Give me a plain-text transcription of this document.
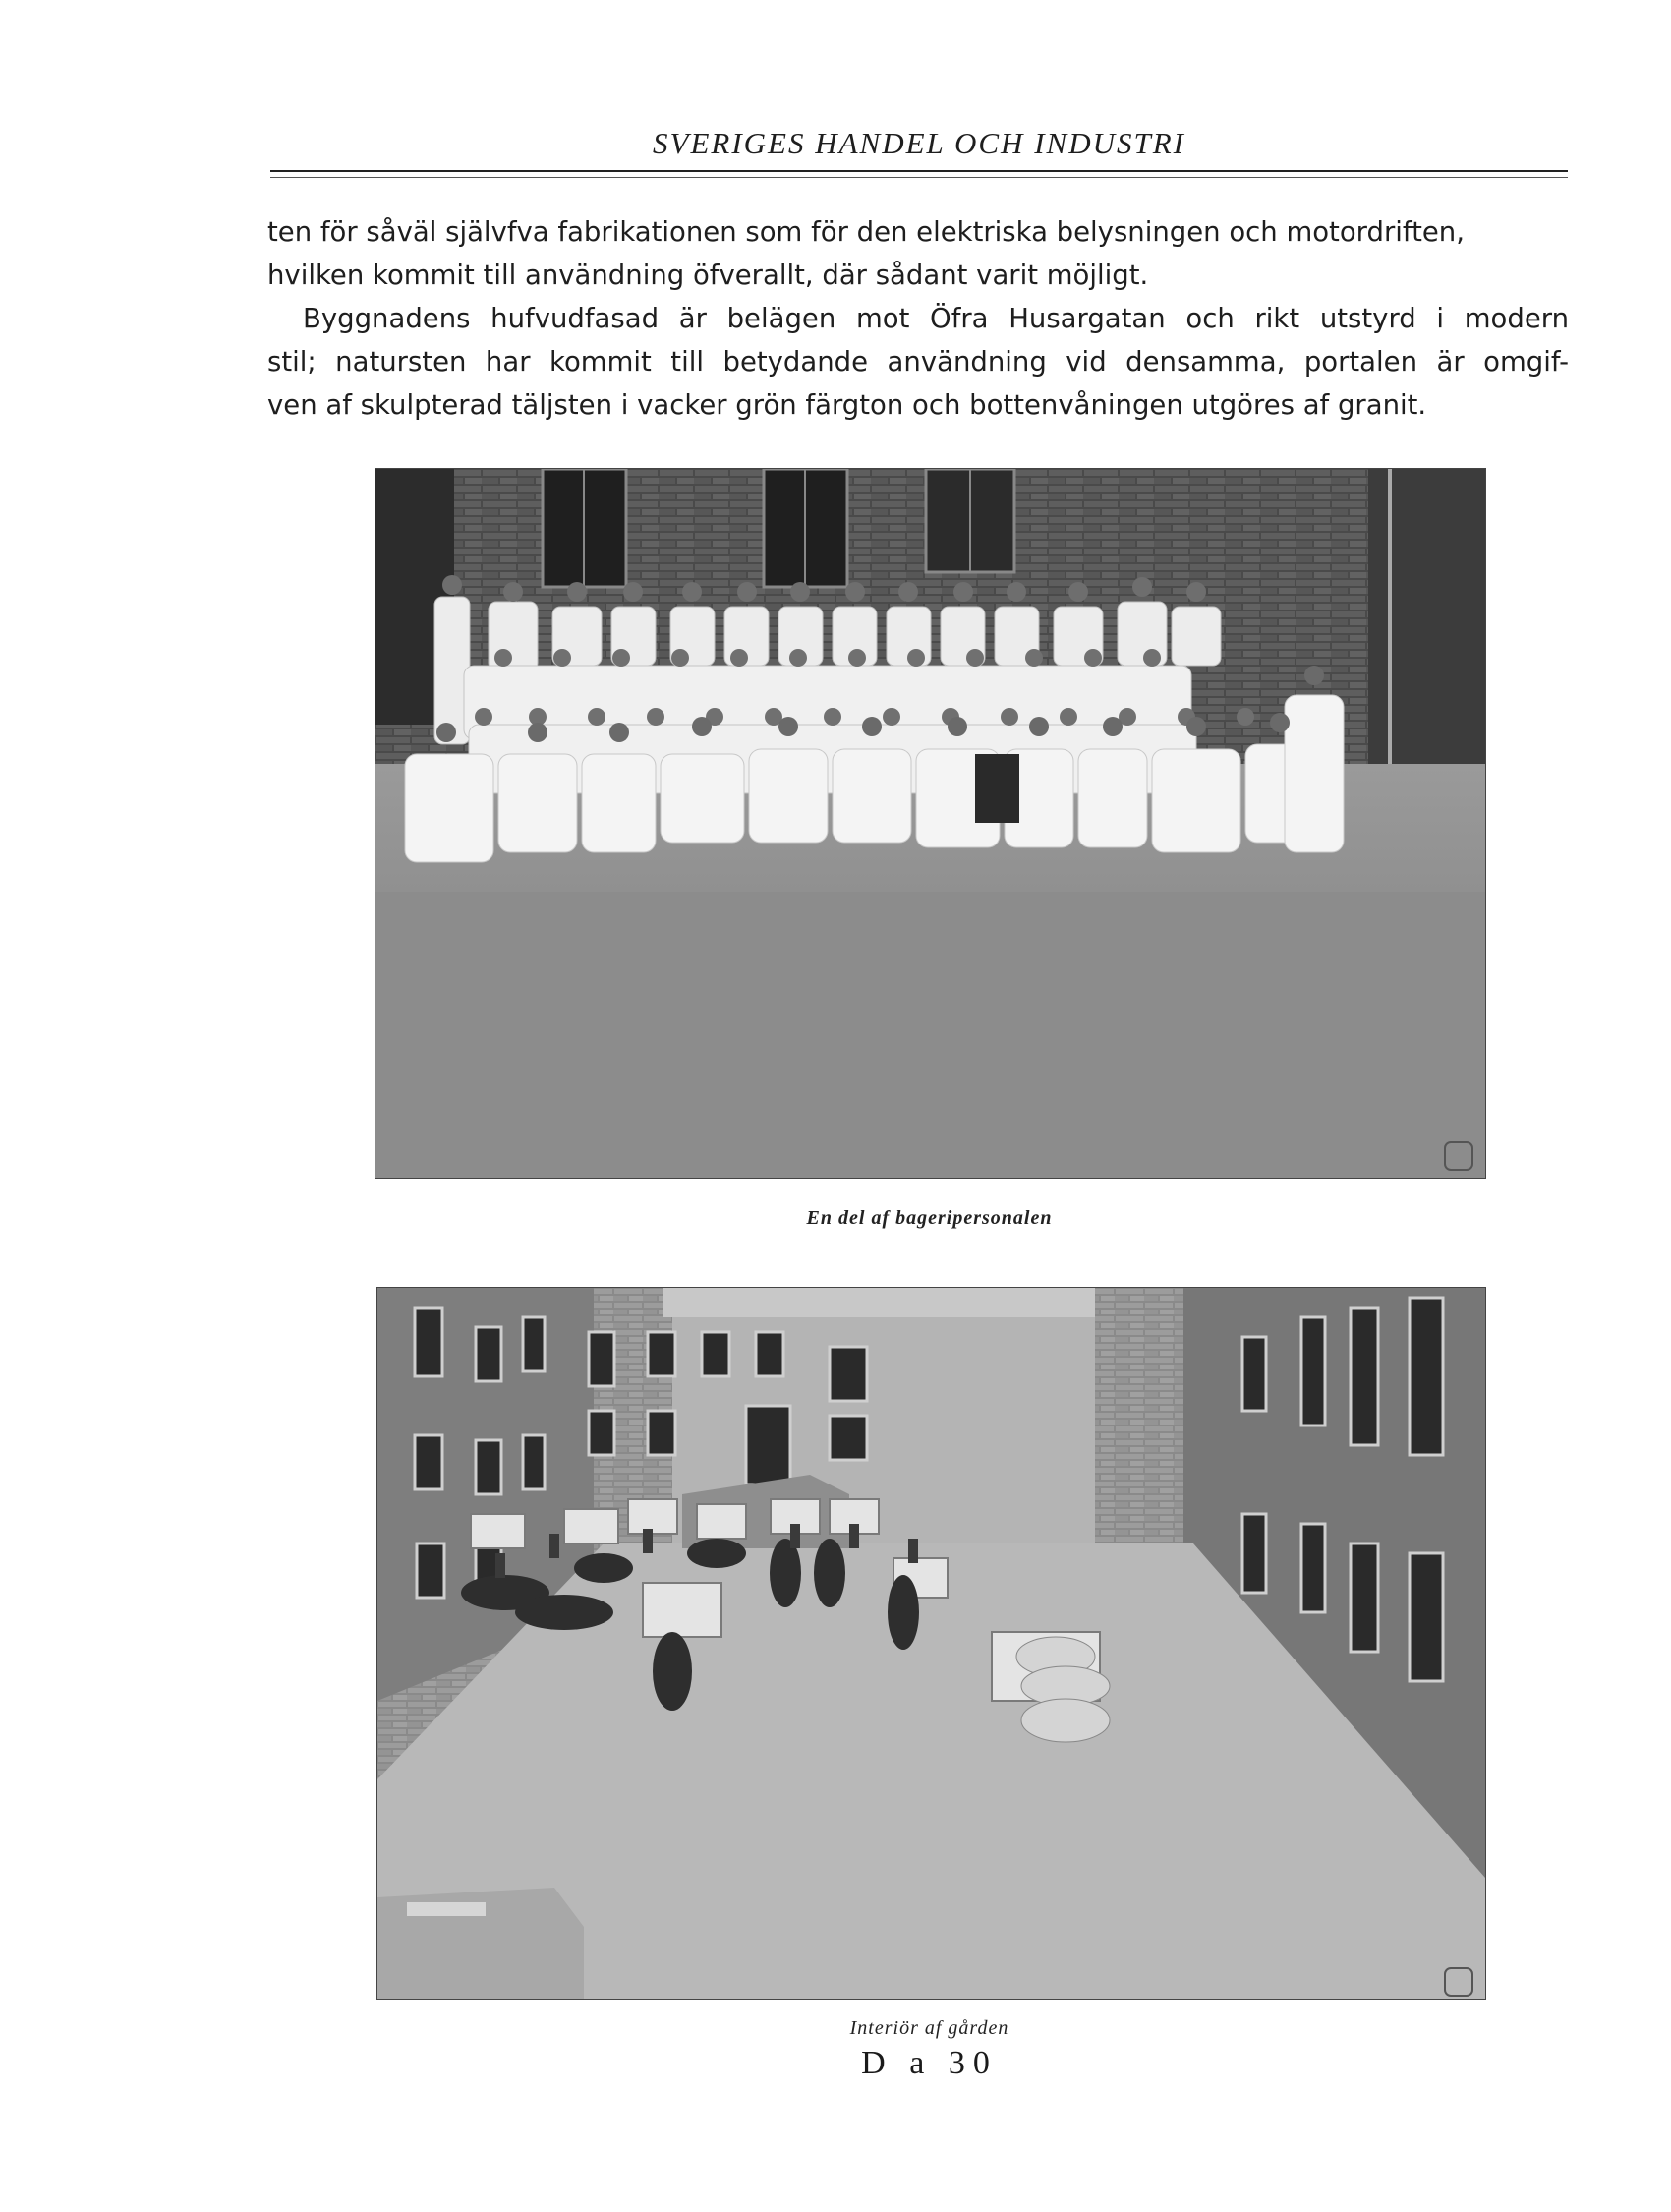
SVERIGES HANDEL OCH INDUSTRI
ten för såväl självfva fabrikationen som för den elektriska belysningen och motordriften,
hvilken kommit till användning öfverallt, där sådant varit möjligt.
Byggnadens hufvudfasad är belägen mot Öfra Husargatan och rikt utstyrd i modern
stil; natursten har kommit till betydande användning vid densamma, portalen är omgif-
ven af skulpterad täljsten i vacker grön färgton och bottenvåningen utgöres af granit.
En del af bageripersonalen
Interiör af gården
D a 30
